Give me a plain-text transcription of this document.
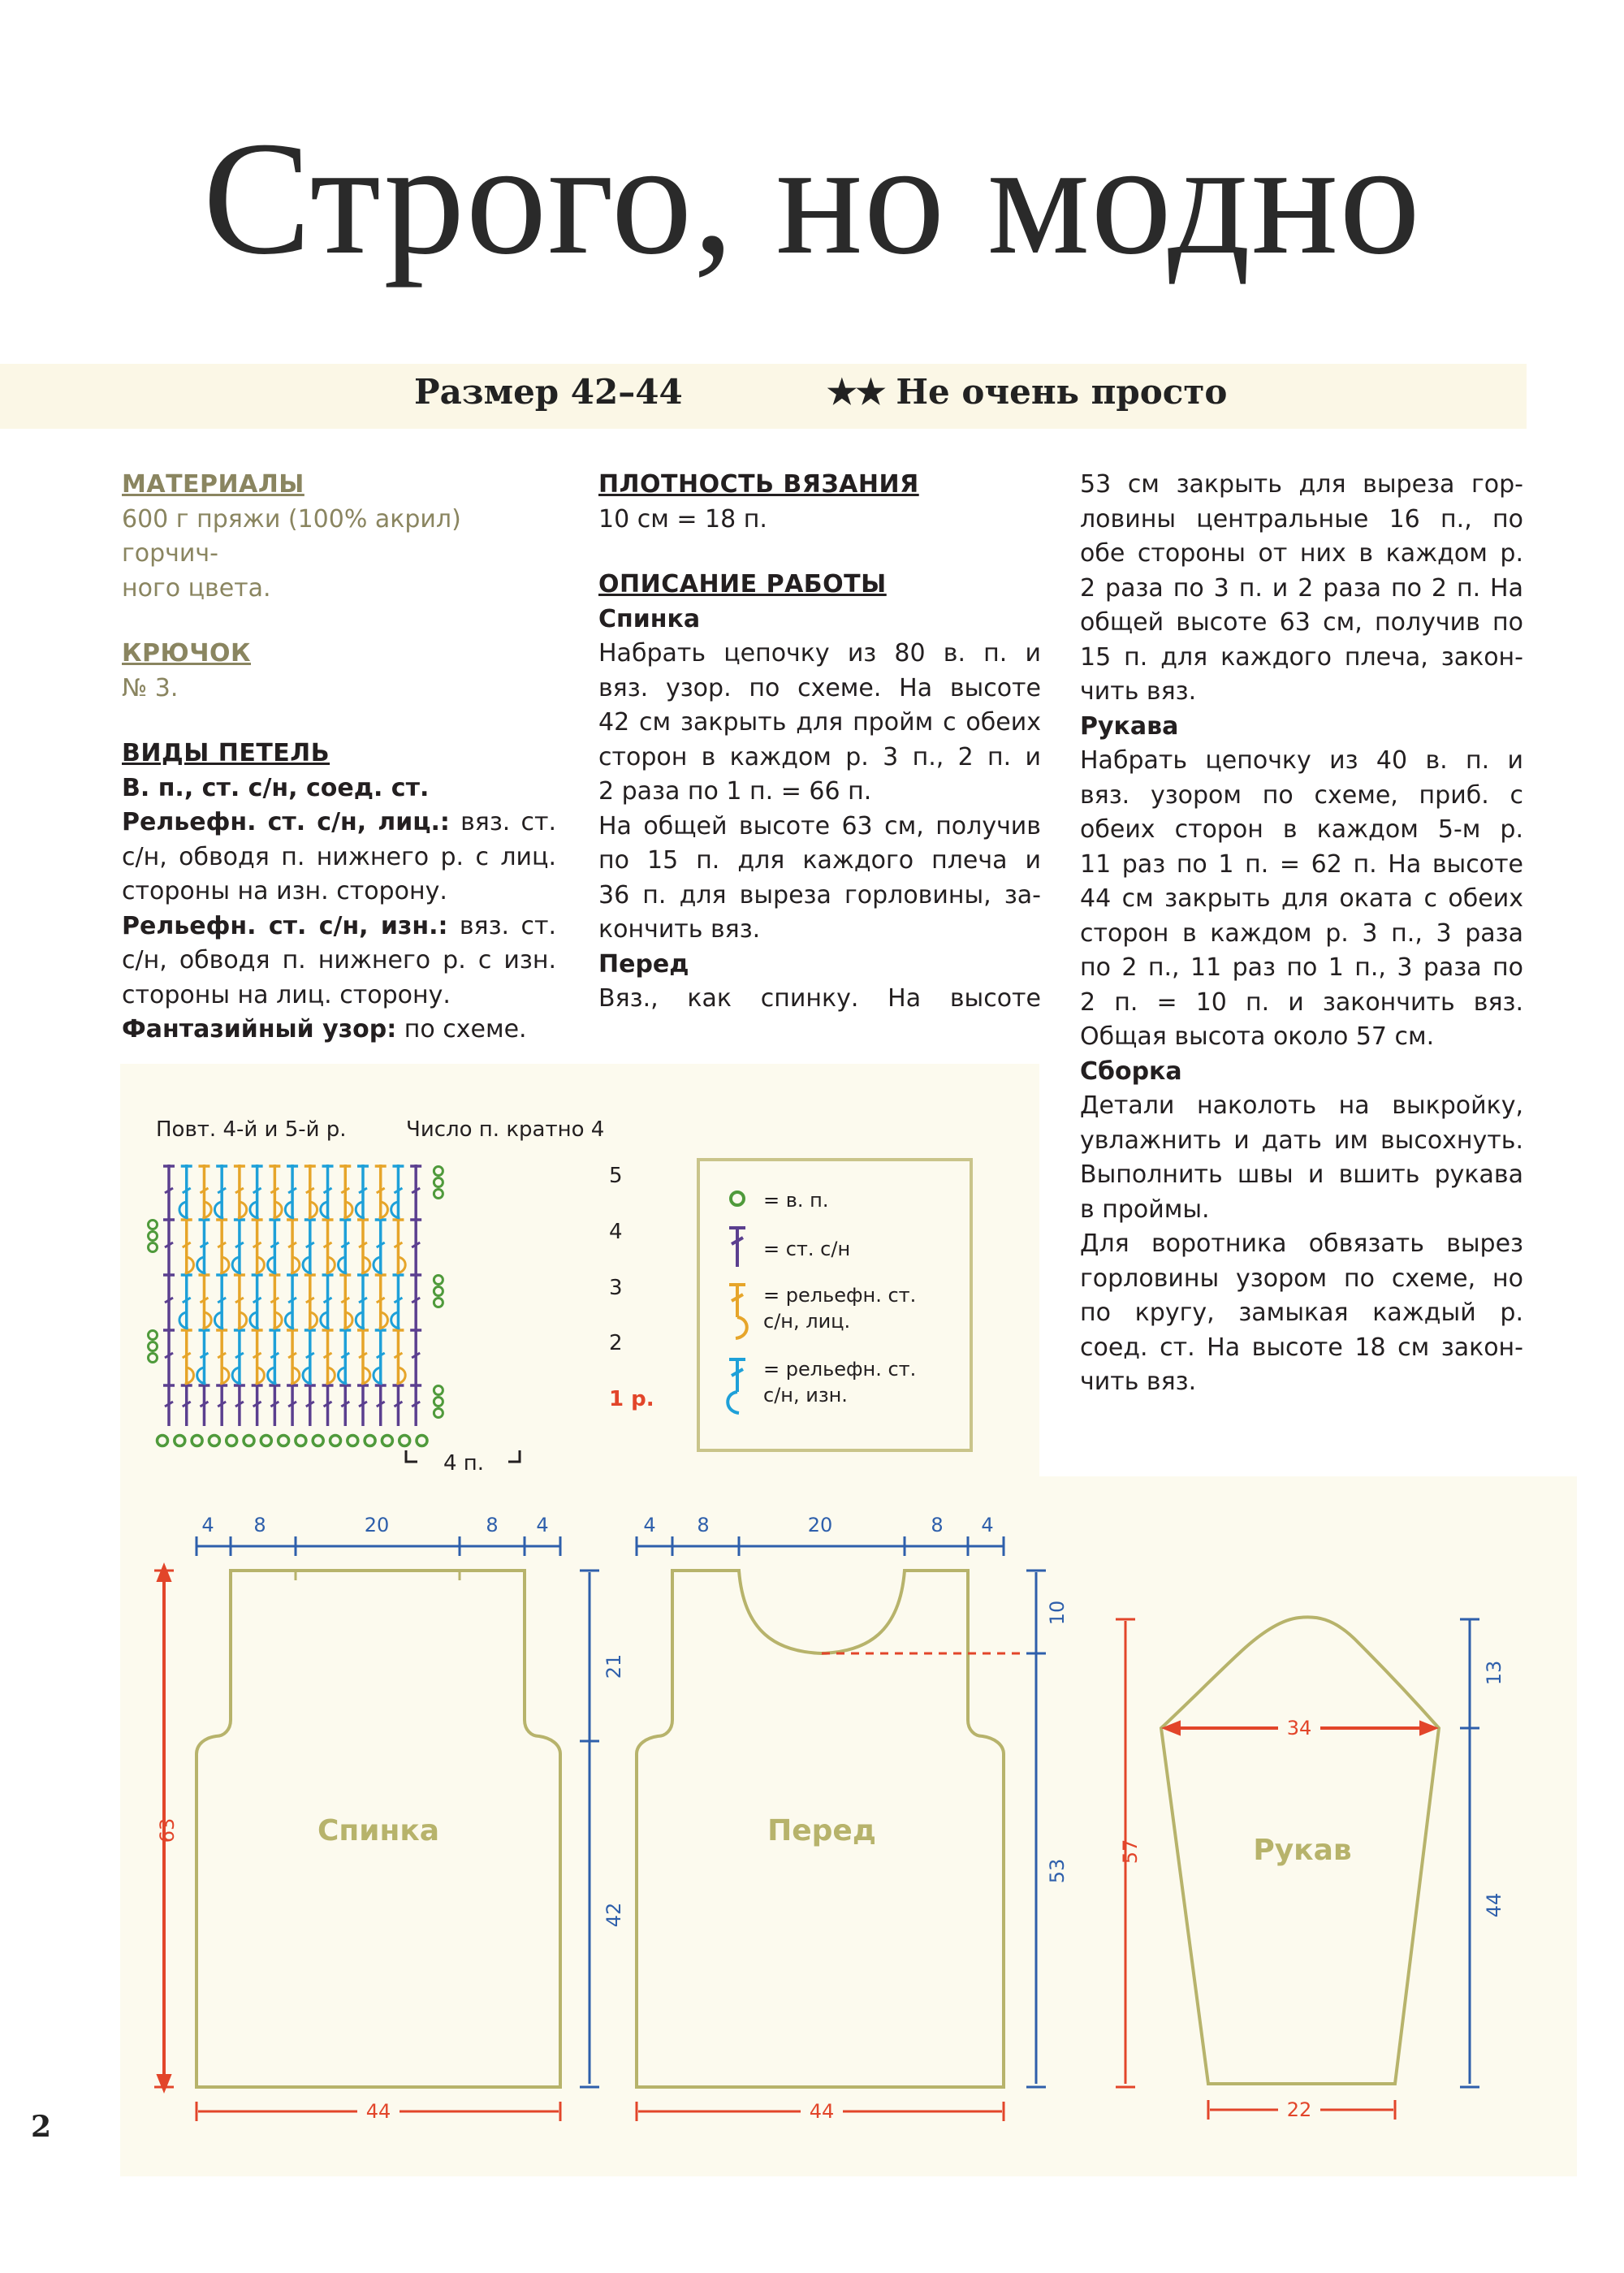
Строго, но модно
Размер 42–44	★★ Не очень просто

МАТЕРИАЛЫ

600 г пряжи (100% акрил) горчич-

ного цвета.

КРЮЧОК

№ 3.

ВИДЫ ПЕТЕЛЬ

В. п., ст. с/н, соед. ст.

Рельефн. ст. с/н, лиц.: вяз. ст.

с/н, обводя п. нижнего р. с лиц.

стороны на изн. сторону.

Рельефн. ст. с/н, изн.: вяз. ст.

с/н, обводя п. нижнего р. с изн.

стороны на лиц. сторону.

Фантазийный узор: по схеме.

ПЛОТНОСТЬ ВЯЗАНИЯ

10 см = 18 п.

ОПИСАНИЕ РАБОТЫ

Спинка

Набрать цепочку из 80 в. п. и

вяз. узор. по схеме. На высоте

42 см закрыть для пройм с обеих

сторон в каждом р. 3 п., 2 п. и

2 раза по 1 п. = 66 п.

На общей высоте 63 см, получив

по 15 п. для каждого плеча и

36 п. для выреза горловины, за-

кончить вяз.

Перед

Вяз., как спинку. На высоте

53 см закрыть для выреза гор-

ловины центральные 16 п., по

обе стороны от них в каждом р.

2 раза по 3 п. и 2 раза по 2 п. На

общей высоте 63 см, получив по

15 п. для каждого плеча, закон-

чить вяз.

Рукава

Набрать цепочку из 40 в. п. и

вяз. узором по схеме, приб. с

обеих сторон в каждом 5-м р.

11 раз по 1 п. = 62 п. На высоте

44 см закрыть для оката с обеих

сторон в каждом р. 3 п., 3 раза

по 2 п., 11 раз по 1 п., 3 раза по

2 п. = 10 п. и закончить вяз.

Общая высота около 57 см.

Сборка

Детали наколоть на выкройку,

увлажнить и дать им высохнуть.

Выполнить швы и вшить рукава

в проймы.

Для воротника обвязать вырез

горловины узором по схеме, но

по кругу, замыкая каждый р.

соед. ст. На высоте 18 см закон-

чить вяз.

Повт. 4-й и 5-й р.	Число п. кратно 4
5
4
3
2
1 р.
4 п.
= в. п.
= ст. с/н
= рельефн. ст.
с/н, лиц.
= рельефн. ст.
с/н, изн.
Спинка
4 8	20	8 4
63
21
42
44
Перед
4 8	20	8 4
10
53
44
Рукав
34
57
13
44
22
2
